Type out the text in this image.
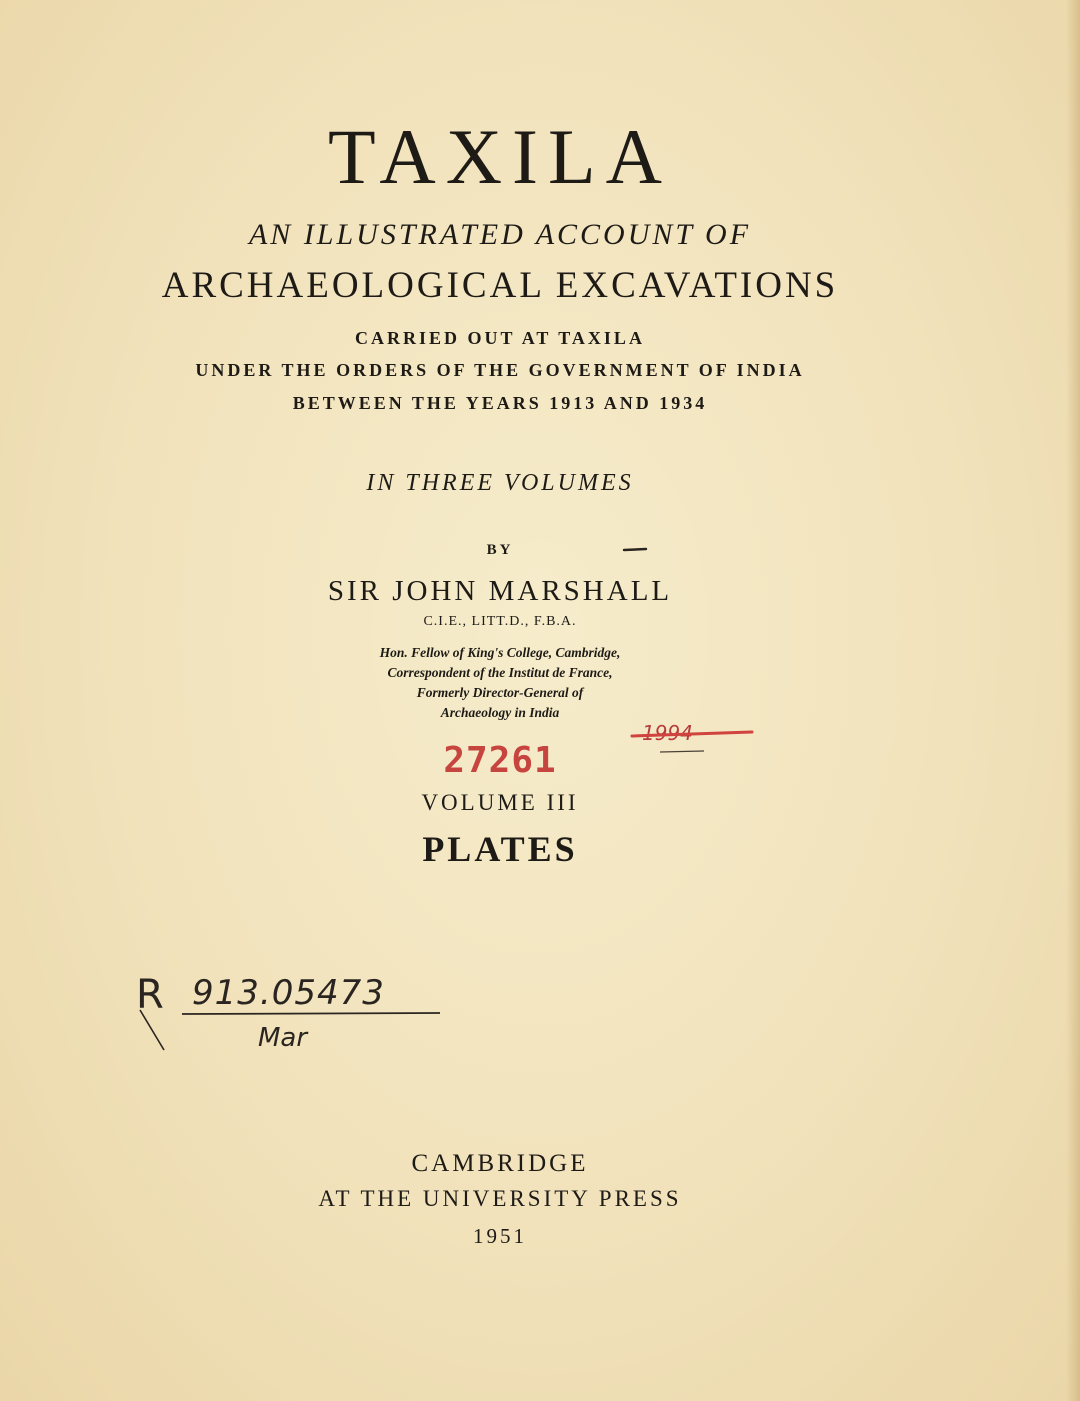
TAXILA
AN ILLUSTRATED ACCOUNT OF
ARCHAEOLOGICAL EXCAVATIONS
CARRIED OUT AT TAXILA
UNDER THE ORDERS OF THE GOVERNMENT OF INDIA
BETWEEN THE YEARS 1913 AND 1934
IN THREE VOLUMES
BY
SIR JOHN MARSHALL
C.I.E., LITT.D., F.B.A.
Hon. Fellow of King's College, Cambridge,
Correspondent of the Institut de France,
Formerly Director-General of
Archaeology in India
27261
VOLUME III
PLATES
1994
R 913.05473
Mar
CAMBRIDGE
AT THE UNIVERSITY PRESS
1951
